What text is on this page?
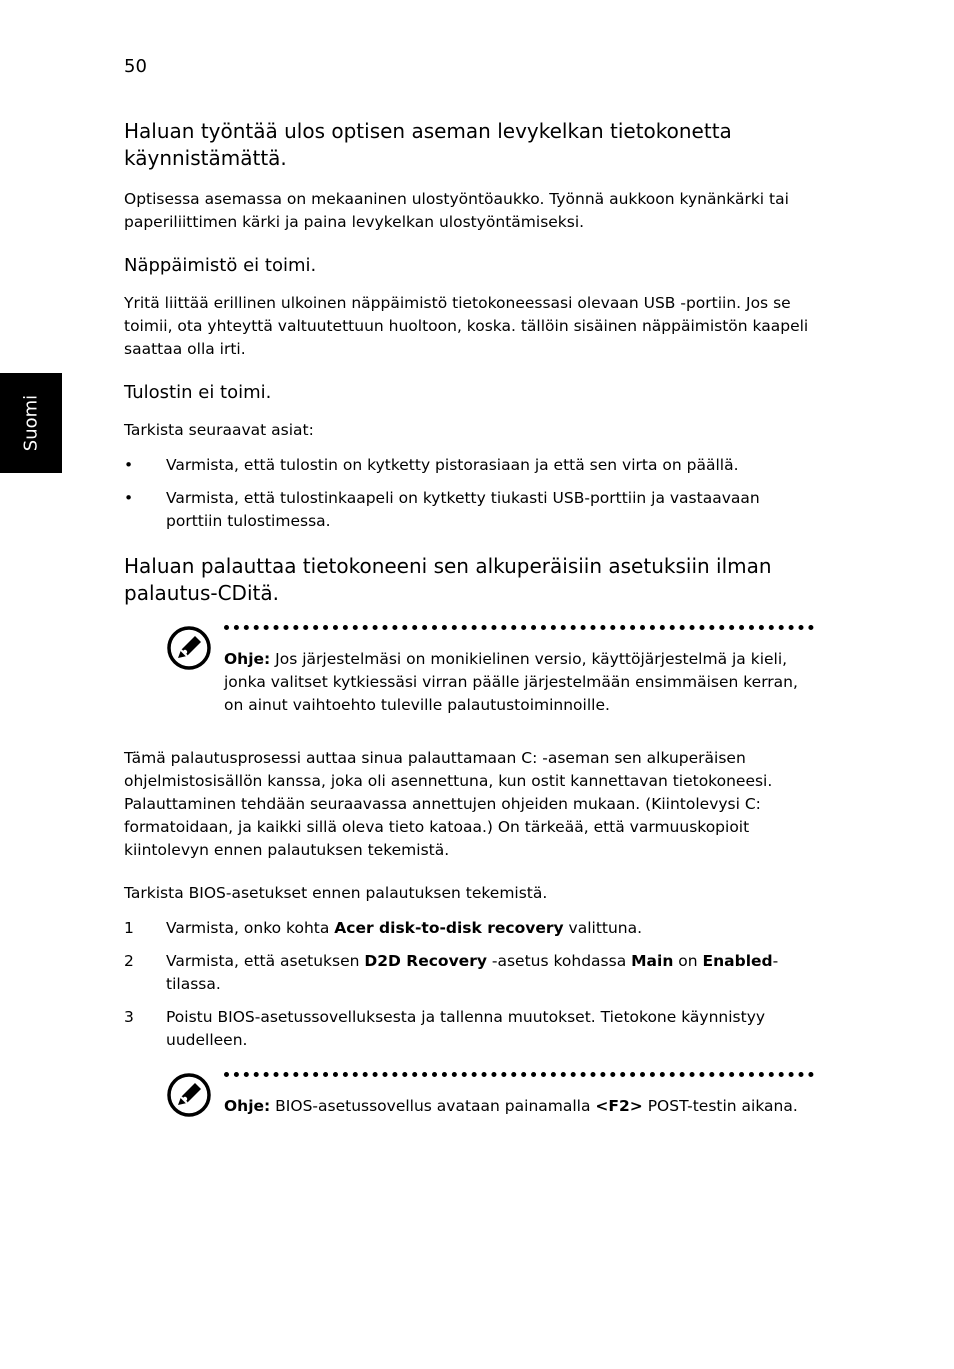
50
Suomi
Haluan työntää ulos optisen aseman levykelkan tietokonetta käynnistämättä.

Optisessa asemassa on mekaaninen ulostyöntöaukko. Työnnä aukkoon kynänkärki tai paperiliittimen kärki ja paina levykelkan ulostyöntämiseksi.

Näppäimistö ei toimi.

Yritä liittää erillinen ulkoinen näppäimistö tietokoneessasi olevaan USB -portiin. Jos se toimii, ota yhteyttä valtuutettuun huoltoon, koska. tällöin sisäinen näppäimistön kaapeli saattaa olla irti.

Tulostin ei toimi.

Tarkista seuraavat asiat:

• Varmista, että tulostin on kytketty pistorasiaan ja että sen virta on päällä.
• Varmista, että tulostinkaapeli on kytketty tiukasti USB-porttiin ja vastaavaan porttiin tulostimessa.
Haluan palauttaa tietokoneeni sen alkuperäisiin asetuksiin ilman palautus-CDitä.

Ohje: Jos järjestelmäsi on monikielinen versio, käyttöjärjestelmä ja kieli, jonka valitset kytkiessäsi virran päälle järjestelmään ensimmäisen kerran, on ainut vaihtoehto tuleville palautustoiminnoille.

Tämä palautusprosessi auttaa sinua palauttamaan C: -aseman sen alkuperäisen ohjelmistosisällön kanssa, joka oli asennettuna, kun ostit kannettavan tietokoneesi. Palauttaminen tehdään seuraavassa annettujen ohjeiden mukaan. (Kiintolevysi C: formatoidaan, ja kaikki sillä oleva tieto katoaa.) On tärkeää, että varmuuskopioit kiintolevyn ennen palautuksen tekemistä.

Tarkista BIOS-asetukset ennen palautuksen tekemistä.

1 Varmista, onko kohta Acer disk-to-disk recovery valittuna.
2 Varmista, että asetuksen D2D Recovery -asetus kohdassa Main on Enabled-tilassa.
3 Poistu BIOS-asetussovelluksesta ja tallenna muutokset. Tietokone käynnistyy uudelleen.

Ohje: BIOS-asetussovellus avataan painamalla <F2> POST-testin aikana.
